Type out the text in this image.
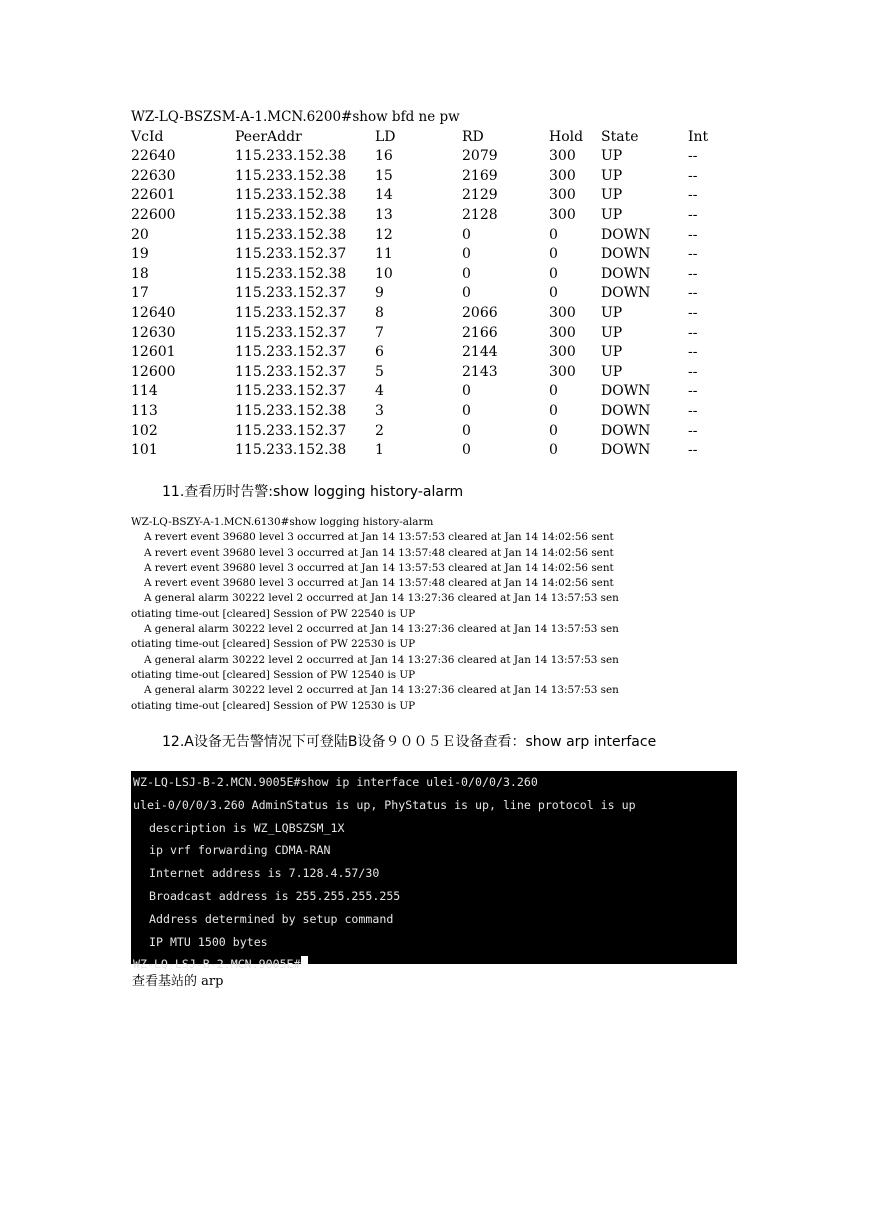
WZ-LQ-BSZSM-A-1.MCN.6200#show bfd ne pw
VcId	PeerAddr	LD	RD	Hold	State	Int
22640	115.233.152.38	16	2079	300	UP	--
22630	115.233.152.38	15	2169	300	UP	--
22601	115.233.152.38	14	2129	300	UP	--
22600	115.233.152.38	13	2128	300	UP	--
20	115.233.152.38	12	0	0	DOWN	--
19	115.233.152.37	11	0	0	DOWN	--
18	115.233.152.38	10	0	0	DOWN	--
17	115.233.152.37	9	0	0	DOWN	--
12640	115.233.152.37	8	2066	300	UP	--
12630	115.233.152.37	7	2166	300	UP	--
12601	115.233.152.37	6	2144	300	UP	--
12600	115.233.152.37	5	2143	300	UP	--
114	115.233.152.37	4	0	0	DOWN	--
113	115.233.152.38	3	0	0	DOWN	--
102	115.233.152.37	2	0	0	DOWN	--
101	115.233.152.38	1	0	0	DOWN	--
11.查看历时告警:show logging history-alarm
WZ-LQ-BSZY-A-1.MCN.6130#show logging history-alarm
A revert event 39680 level 3 occurred at Jan 14 13:57:53 cleared at Jan 14 14:02:56 sent
A revert event 39680 level 3 occurred at Jan 14 13:57:48 cleared at Jan 14 14:02:56 sent
A revert event 39680 level 3 occurred at Jan 14 13:57:53 cleared at Jan 14 14:02:56 sent
A revert event 39680 level 3 occurred at Jan 14 13:57:48 cleared at Jan 14 14:02:56 sent
A general alarm 30222 level 2 occurred at Jan 14 13:27:36 cleared at Jan 14 13:57:53 sen
otiating time-out [cleared] Session of PW 22540 is UP
A general alarm 30222 level 2 occurred at Jan 14 13:27:36 cleared at Jan 14 13:57:53 sen
otiating time-out [cleared] Session of PW 22530 is UP
A general alarm 30222 level 2 occurred at Jan 14 13:27:36 cleared at Jan 14 13:57:53 sen
otiating time-out [cleared] Session of PW 12540 is UP
A general alarm 30222 level 2 occurred at Jan 14 13:27:36 cleared at Jan 14 13:57:53 sen
otiating time-out [cleared] Session of PW 12530 is UP
12.A设备无告警情况下可登陆B设备９００５Ｅ设备查看：show arp interface
WZ-LQ-LSJ-B-2.MCN.9005E#show ip interface ulei-0/0/0/3.260
ulei-0/0/0/3.260 AdminStatus is up, PhyStatus is up, line protocol is up
description is WZ_LQBSZSM_1X
ip vrf forwarding CDMA-RAN
Internet address is 7.128.4.57/30
Broadcast address is 255.255.255.255
Address determined by setup command
IP MTU 1500 bytes
WZ-LQ-LSJ-B-2.MCN.9005E#
查看基站的 arp
